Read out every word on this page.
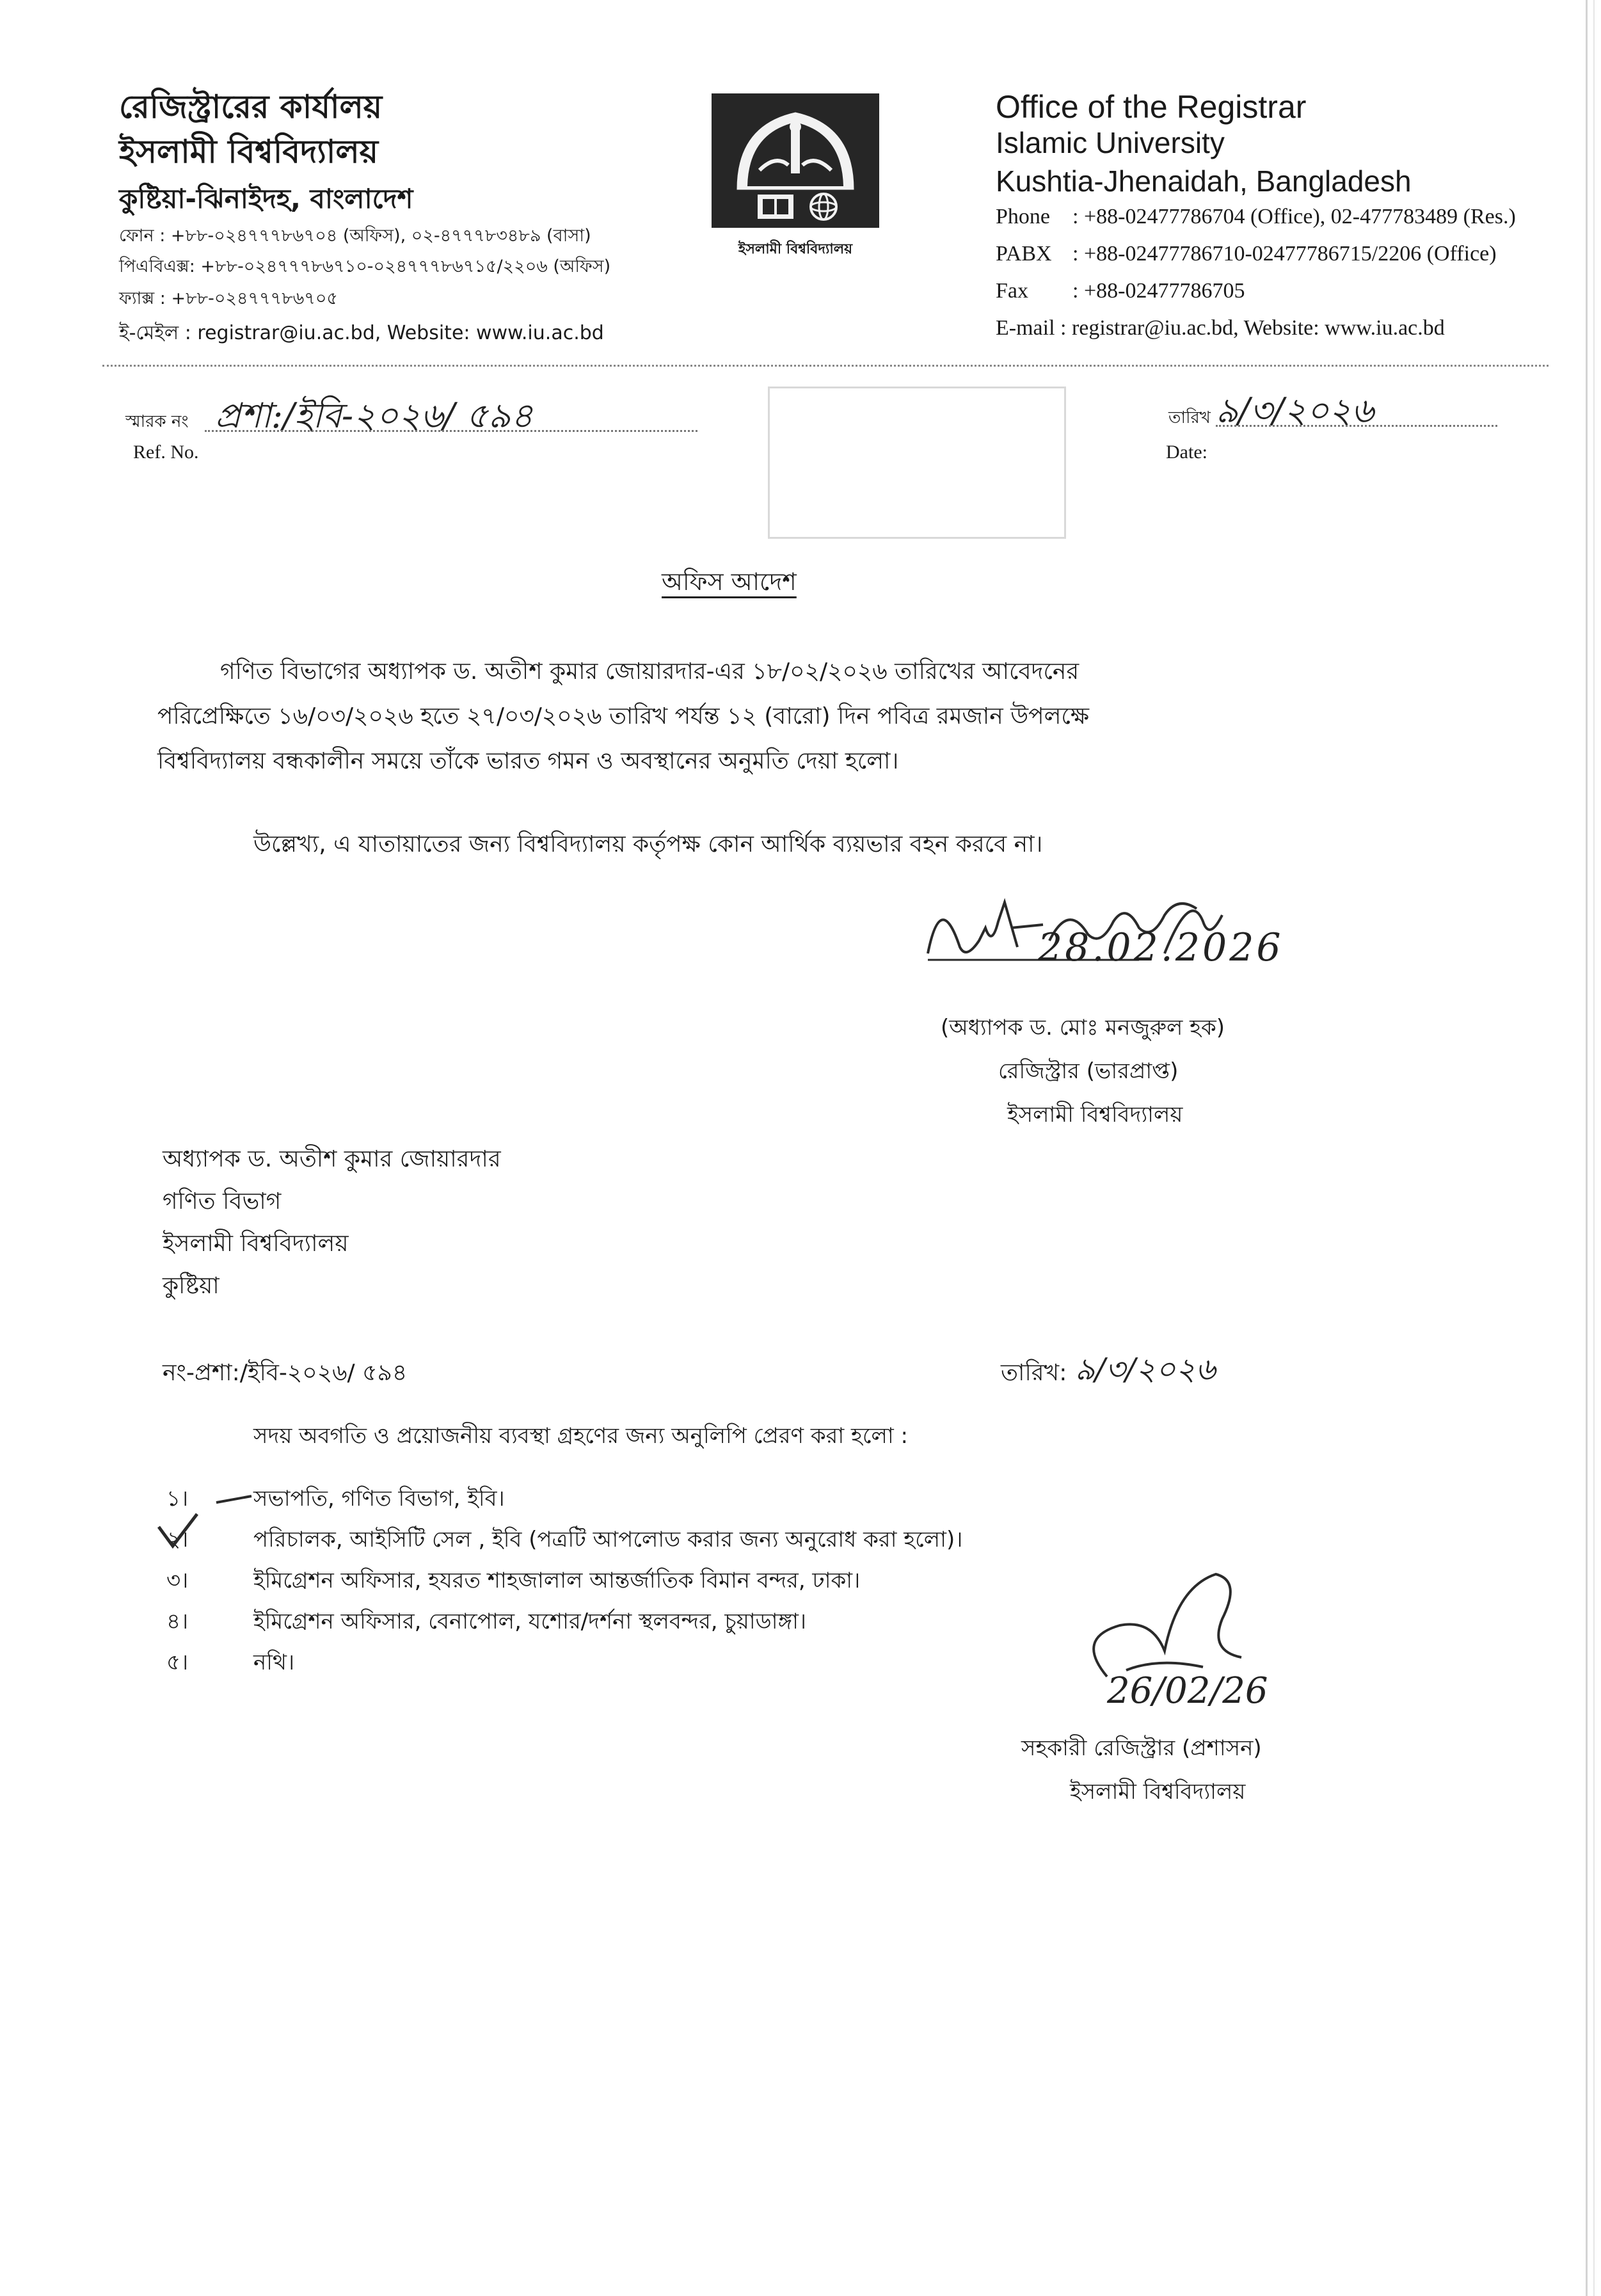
রেজিস্ট্রারের কার্যালয়
ইসলামী বিশ্ববিদ্যালয়
কুষ্টিয়া-ঝিনাইদহ, বাংলাদেশ
ফোন : +৮৮-০২৪৭৭৭৮৬৭০৪ (অফিস), ০২-৪৭৭৭৮৩৪৮৯ (বাসা)
পিএবিএক্স: +৮৮-০২৪৭৭৭৮৬৭১০-০২৪৭৭৭৮৬৭১৫/২২০৬ (অফিস)
ফ্যাক্স : +৮৮-০২৪৭৭৭৮৬৭০৫
ই-মেইল : registrar@iu.ac.bd, Website: www.iu.ac.bd
ইসলামী বিশ্ববিদ্যালয়
Office of the Registrar
Islamic University
Kushtia-Jhenaidah, Bangladesh
Phone : +88-02477786704 (Office), 02-477783489 (Res.)
PABX : +88-02477786710-02477786715/2206 (Office)
Fax : +88-02477786705
E-mail : registrar@iu.ac.bd, Website: www.iu.ac.bd
স্মারক নং প্রশা:/ইবি-২০২৬/ ৫৯৪
Ref. No.
তারিখ ৯/৩/২০২৬
Date:
অফিস আদেশ
গণিত বিভাগের অধ্যাপক ড. অতীশ কুমার জোয়ারদার-এর ১৮/০২/২০২৬ তারিখের আবেদনের
পরিপ্রেক্ষিতে ১৬/০৩/২০২৬ হতে ২৭/০৩/২০২৬ তারিখ পর্যন্ত ১২ (বারো) দিন পবিত্র রমজান উপলক্ষে
বিশ্ববিদ্যালয় বন্ধকালীন সময়ে তাঁকে ভারত গমন ও অবস্থানের অনুমতি দেয়া হলো।
উল্লেখ্য, এ যাতায়াতের জন্য বিশ্ববিদ্যালয় কর্তৃপক্ষ কোন আর্থিক ব্যয়ভার বহন করবে না।
28.02.2026
(অধ্যাপক ড. মোঃ মনজুরুল হক)
রেজিস্ট্রার (ভারপ্রাপ্ত)
ইসলামী বিশ্ববিদ্যালয়
অধ্যাপক ড. অতীশ কুমার জোয়ারদার
গণিত বিভাগ
ইসলামী বিশ্ববিদ্যালয়
কুষ্টিয়া
নং-প্রশা:/ইবি-২০২৬/ ৫৯৪	তারিখ: ৯/৩/২০২৬
সদয় অবগতি ও প্রয়োজনীয় ব্যবস্থা গ্রহণের জন্য অনুলিপি প্রেরণ করা হলো :
১।	সভাপতি, গণিত বিভাগ, ইবি।
২।	পরিচালক, আইসিটি সেল , ইবি (পত্রটি আপলোড করার জন্য অনুরোধ করা হলো)।
৩।	ইমিগ্রেশন অফিসার, হযরত শাহজালাল আন্তর্জাতিক বিমান বন্দর, ঢাকা।
৪।	ইমিগ্রেশন অফিসার, বেনাপোল, যশোর/দর্শনা স্থলবন্দর, চুয়াডাঙ্গা।
৫।	নথি।
26/02/26
সহকারী রেজিস্ট্রার (প্রশাসন)
ইসলামী বিশ্ববিদ্যালয়
